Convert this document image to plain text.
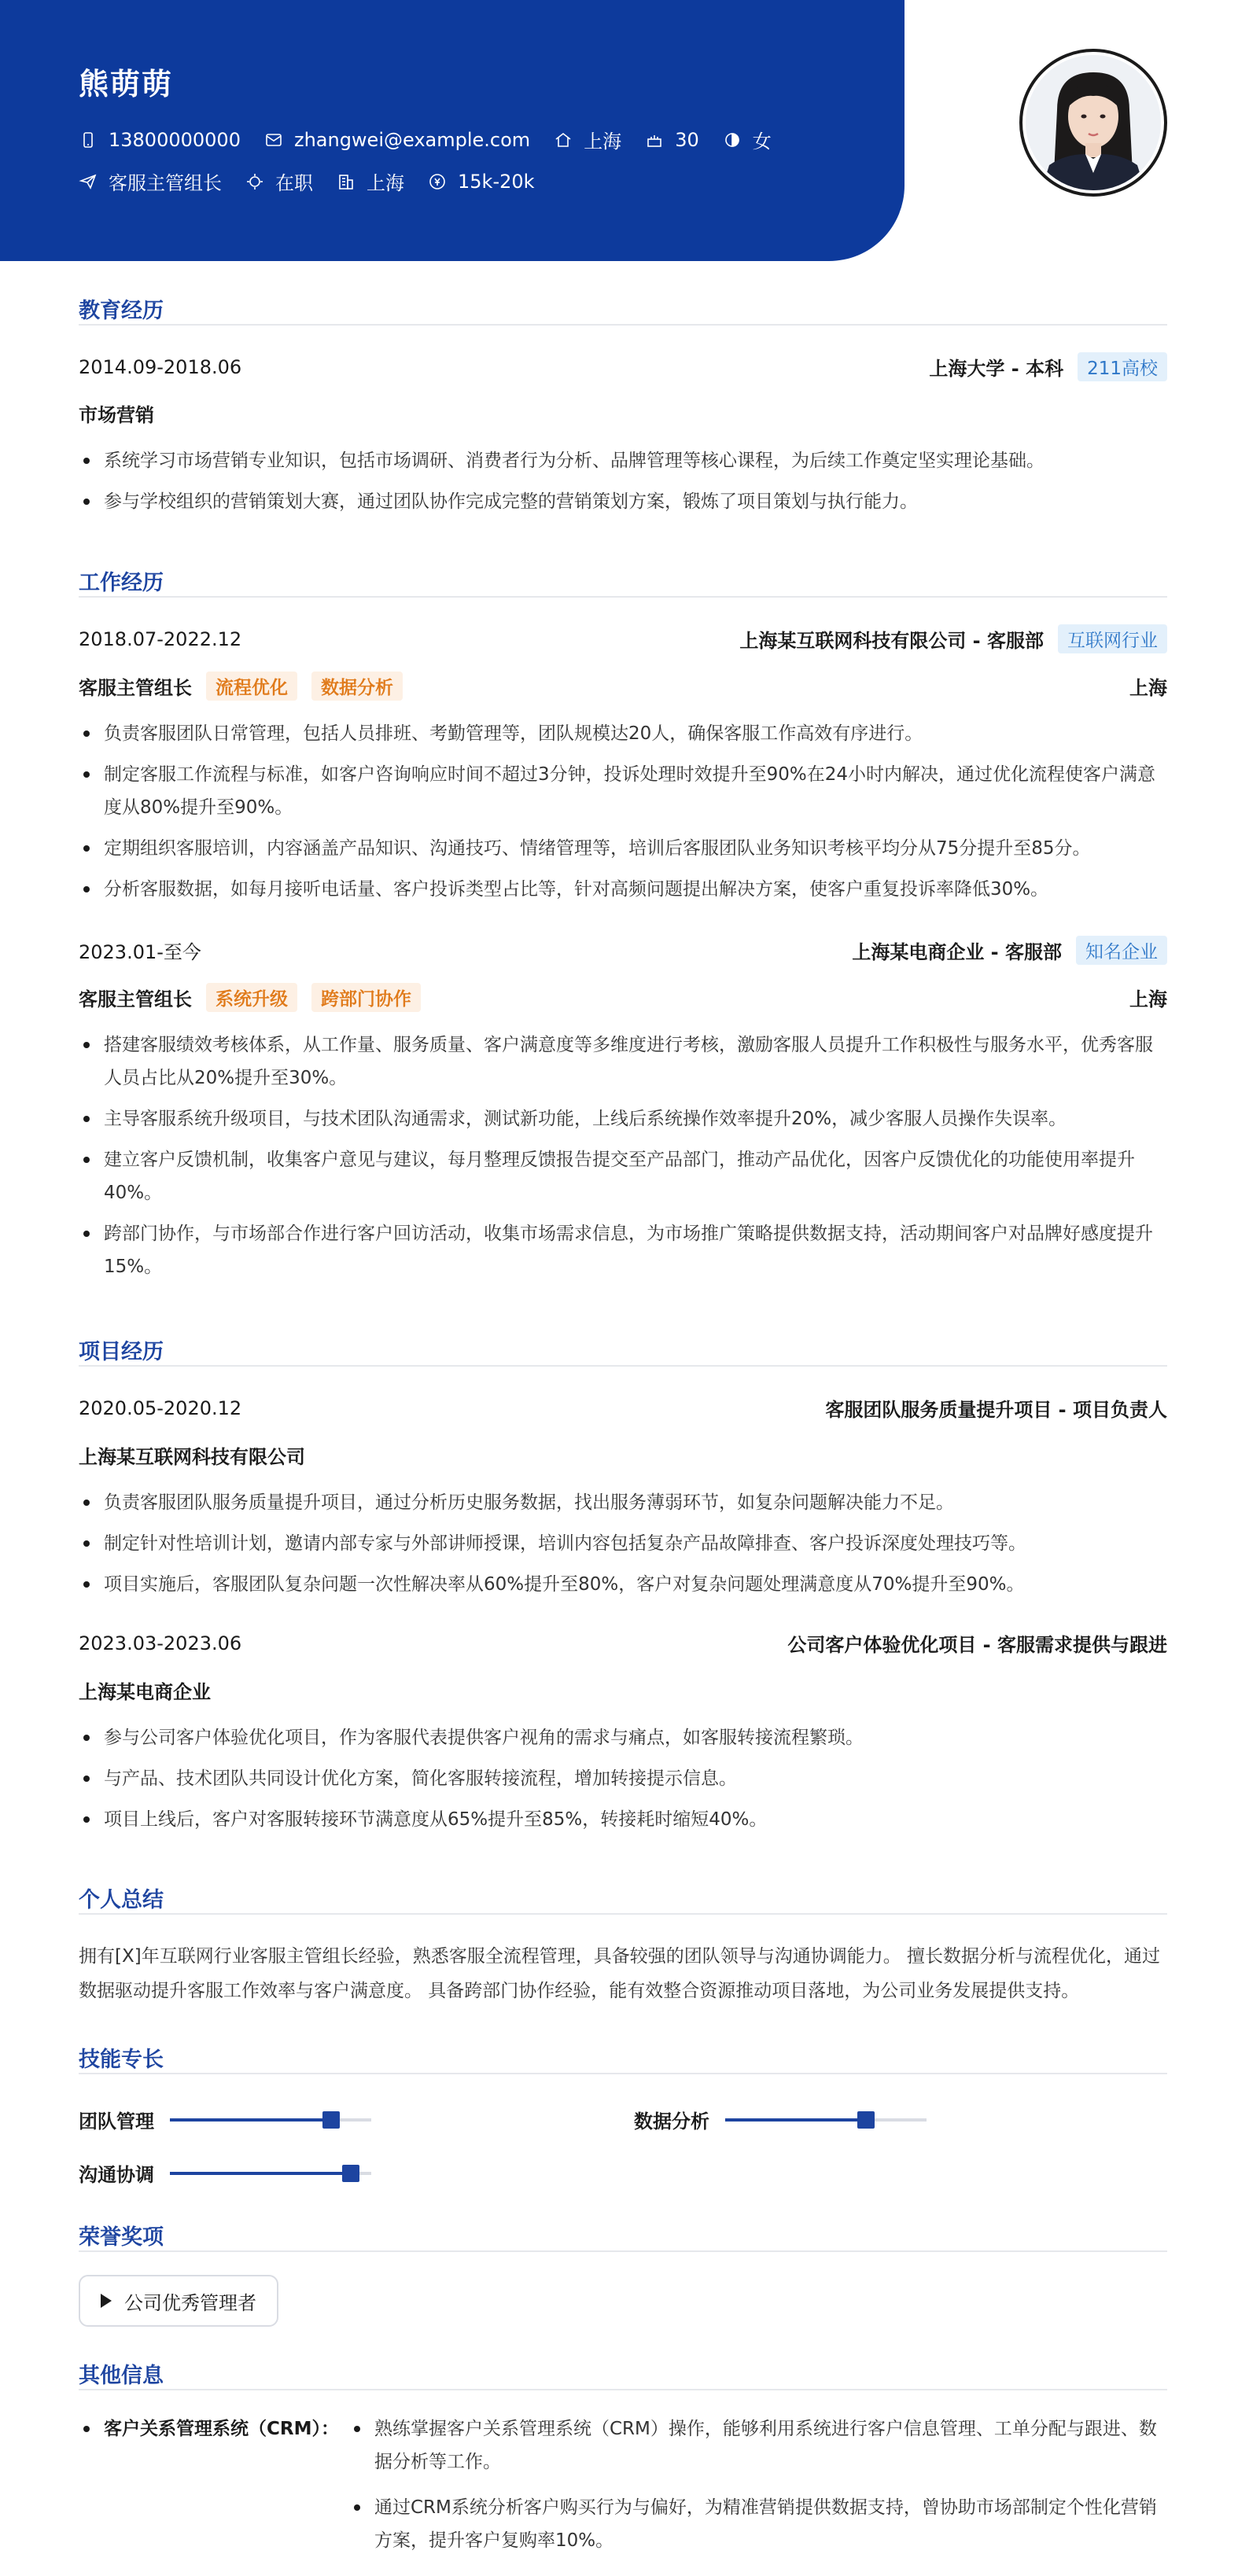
熊萌萌
13800000000	zhangwei@example.com	上海	30	女
客服主管组长	在职	上海	15k-20k
教育经历
2014.09-2018.06	上海大学 - 本科	211高校
市场营销
系统学习市场营销专业知识，包括市场调研、消费者行为分析、品牌管理等核心课程，为后续工作奠定坚实理论基础。
参与学校组织的营销策划大赛，通过团队协作完成完整的营销策划方案，锻炼了项目策划与执行能力。
工作经历
2018.07-2022.12	上海某互联网科技有限公司 - 客服部	互联网行业
客服主管组长	流程优化	数据分析	上海
负责客服团队日常管理，包括人员排班、考勤管理等，团队规模达20人，确保客服工作高效有序进行。
制定客服工作流程与标准，如客户咨询响应时间不超过3分钟，投诉处理时效提升至90%在24小时内解决，通过优化流程使客户满意度从80%提升至90%。
定期组织客服培训，内容涵盖产品知识、沟通技巧、情绪管理等，培训后客服团队业务知识考核平均分从75分提升至85分。
分析客服数据，如每月接听电话量、客户投诉类型占比等，针对高频问题提出解决方案，使客户重复投诉率降低30%。
2023.01-至今	上海某电商企业 - 客服部	知名企业
客服主管组长	系统升级	跨部门协作	上海
搭建客服绩效考核体系，从工作量、服务质量、客户满意度等多维度进行考核，激励客服人员提升工作积极性与服务水平，优秀客服人员占比从20%提升至30%。
主导客服系统升级项目，与技术团队沟通需求，测试新功能，上线后系统操作效率提升20%，减少客服人员操作失误率。
建立客户反馈机制，收集客户意见与建议，每月整理反馈报告提交至产品部门，推动产品优化，因客户反馈优化的功能使用率提升40%。
跨部门协作，与市场部合作进行客户回访活动，收集市场需求信息，为市场推广策略提供数据支持，活动期间客户对品牌好感度提升15%。
项目经历
2020.05-2020.12	客服团队服务质量提升项目 - 项目负责人
上海某互联网科技有限公司
负责客服团队服务质量提升项目，通过分析历史服务数据，找出服务薄弱环节，如复杂问题解决能力不足。
制定针对性培训计划，邀请内部专家与外部讲师授课，培训内容包括复杂产品故障排查、客户投诉深度处理技巧等。
项目实施后，客服团队复杂问题一次性解决率从60%提升至80%，客户对复杂问题处理满意度从70%提升至90%。
2023.03-2023.06	公司客户体验优化项目 - 客服需求提供与跟进
上海某电商企业
参与公司客户体验优化项目，作为客服代表提供客户视角的需求与痛点，如客服转接流程繁琐。
与产品、技术团队共同设计优化方案，简化客服转接流程，增加转接提示信息。
项目上线后，客户对客服转接环节满意度从65%提升至85%，转接耗时缩短40%。
个人总结
拥有[X]年互联网行业客服主管组长经验，熟悉客服全流程管理，具备较强的团队领导与沟通协调能力。 擅长数据分析与流程优化，通过数据驱动提升客服工作效率与客户满意度。 具备跨部门协作经验，能有效整合资源推动项目落地，为公司业务发展提供支持。
技能专长
团队管理	数据分析
沟通协调
荣誉奖项
公司优秀管理者
其他信息
客户关系管理系统（CRM）：	熟练掌握客户关系管理系统（CRM）操作，能够利用系统进行客户信息管理、工单分配与跟进、数据分析等工作。
通过CRM系统分析客户购买行为与偏好，为精准营销提供数据支持，曾协助市场部制定个性化营销方案，提升客户复购率10%。
